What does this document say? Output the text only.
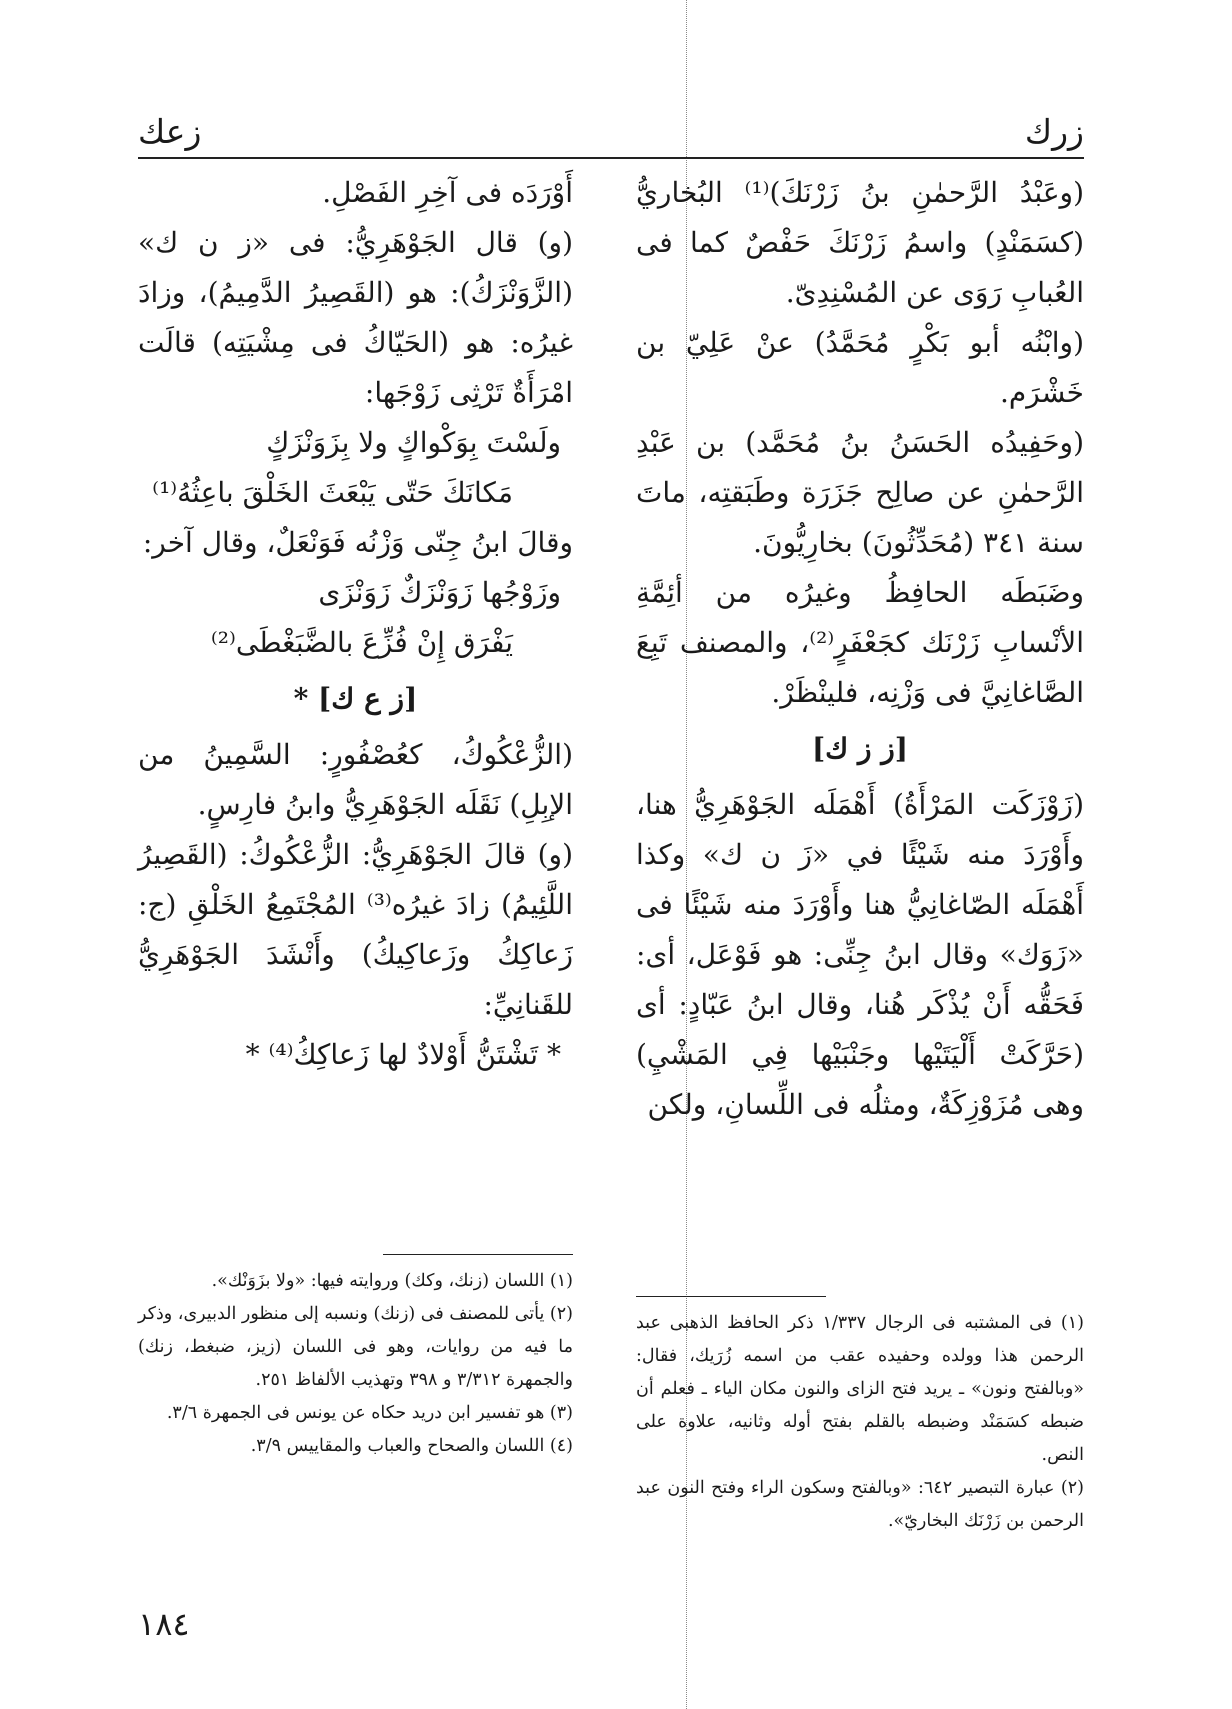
زرك
زعك

(وعَبْدُ الرَّحمٰنِ بنُ زَرْنَكَ)⁽¹⁾ البُخاريُّ (كسَمَنْدٍ) واسمُ زَرْنَكَ حَفْصٌ كما فى العُبابِ رَوَى عن المُسْنِدِىّ.

(وابْنُه أبو بَكْرٍ مُحَمَّدُ) عنْ عَلِيّ بن خَشْرَم.

(وحَفِيدُه الحَسَنُ بنُ مُحَمَّد) بن عَبْدِ الرَّحمٰنِ عن صالِح جَزَرَة وطَبَقتِه، ماتَ سنة ٣٤١ (مُحَدِّثُونَ) بخارِيُّونَ.

وضَبَطَه الحافِظُ وغيرُه من أئِمَّةِ الأنْسابِ زَرْنَك كجَعْفَرٍ⁽²⁾، والمصنف تَبِعَ الصَّاغانِيَّ فى وَزْنِه، فلينْظَرْ.

[ز ز ك]

(زَوْزَكَت المَرْأَةُ) أَهْمَلَه الجَوْهَرِيُّ هنا، وأَوْرَدَ منه شَيْئًا في «زَ ن ك» وكذا أَهْمَلَه الصّاغانِيُّ هنا وأَوْرَدَ منه شَيْئًا فى «زَوَك» وقال ابنُ جِنِّى: هو فَوْعَل، أى: فَحَقُّه أَنْ يُذْكَر هُنا، وقال ابنُ عَبّادٍ: أى (حَرَّكَتْ أَلْيَتَيْها وجَنْبَيْها فِي المَشْيِ) وهى مُزَوْزِكَةٌ، ومثلُه فى اللِّسانِ، ولكن

أَوْرَدَه فى آخِرِ الفَصْلِ.

(و) قال الجَوْهَرِيُّ: فى «ز ن ك» (الزَّوَنْزَكُ): هو (القَصِيرُ الدَّمِيمُ)، وزادَ غيرُه: هو (الحَيّاكُ فى مِشْيَتِه) قالَت امْرَأَةٌ تَرْثِى زَوْجَها:

ولَسْتَ بِوَكْواكٍ ولا بِزَوَنْزَكٍ

مَكانَكَ حَتّى يَبْعَثَ الخَلْقَ باعِثُهُ⁽¹⁾

وقالَ ابنُ جِنّى وَزْنُه فَوَنْعَلٌ، وقال آخر:

وزَوْجُها زَوَنْزَكٌ زَوَنْزَى

يَفْرَق إِنْ فُزِّعَ بالضَّبَغْطَى⁽²⁾

[ز ع ك] *

(الزُّعْكُوكُ، كعُصْفُورٍ: السَّمِينُ من الإبِلِ) نَقَلَه الجَوْهَرِيُّ وابنُ فارِسٍ.

(و) قالَ الجَوْهَرِيُّ: الزُّعْكُوكُ: (القَصِيرُ اللَّئِيمُ) زادَ غيرُه⁽³⁾ المُجْتَمِعُ الخَلْقِ (ج: زَعاكِكُ وزَعاكِيكُ) وأَنْشَدَ الجَوْهَرِيُّ للقَنانِيِّ:

* تَشْتَنُّ أَوْلادٌ لها زَعاكِكُ⁽⁴⁾ *

(١) فى المشتبه فى الرجال ١/٣٣٧ ذكر الحافظ الذهبى عبد الرحمن هذا وولده وحفيده عقب من اسمه زُرَيك، فقال: «وبالفتح ونون» ـ يريد فتح الزاى والنون مكان الياء ـ فعلم أن ضبطه كسَمَنْد وضبطه بالقلم بفتح أوله وثانيه، علاوة على النص.

(٢) عبارة التبصير ٦٤٢: «وبالفتح وسكون الراء وفتح النون عبد الرحمن بن زَرْنَك البخاريّ».

(١) اللسان (زنك، وكك) وروايته فيها: «ولا بزَوَنْك».

(٢) يأتى للمصنف فى (زنك) ونسبه إلى منظور الدبيرى، وذكر ما فيه من روايات، وهو فى اللسان (زيز، ضبغط، زنك) والجمهرة ٣/٣١٢ و ٣٩٨ وتهذيب الألفاظ ٢٥١.

(٣) هو تفسير ابن دريد حكاه عن يونس فى الجمهرة ٣/٦.

(٤) اللسان والصحاح والعباب والمقاييس ٣/٩.

١٨٤
